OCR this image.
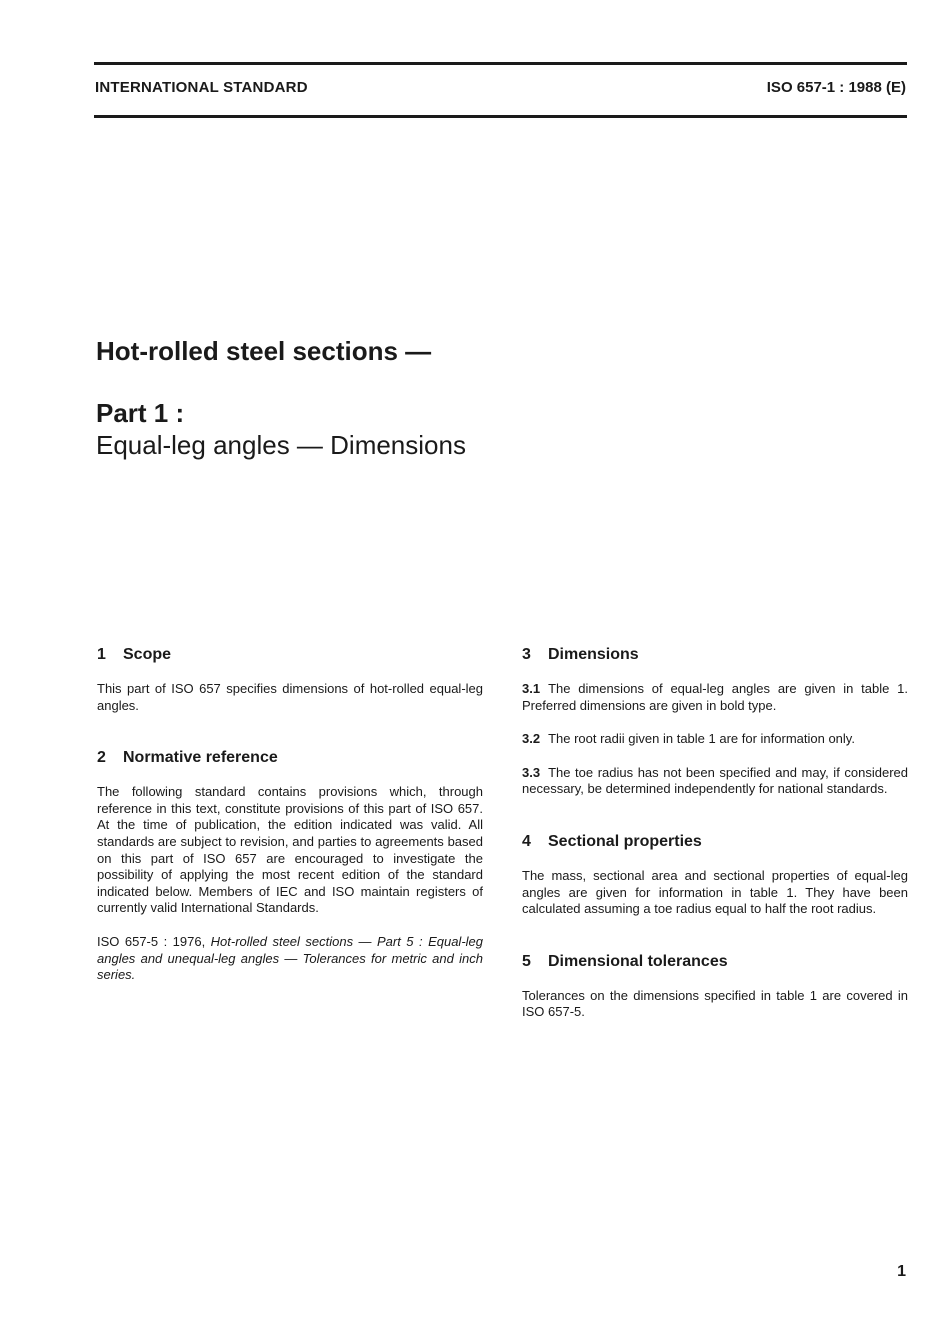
INTERNATIONAL STANDARD	ISO 657-1 : 1988 (E)
Hot-rolled steel sections —
Part 1 :
Equal-leg angles — Dimensions
1 Scope

This part of ISO 657 specifies dimensions of hot-rolled equal-leg angles.

2 Normative reference

The following standard contains provisions which, through reference in this text, constitute provisions of this part of ISO 657. At the time of publication, the edition indicated was valid. All standards are subject to revision, and parties to agreements based on this part of ISO 657 are encouraged to investigate the possibility of applying the most recent edition of the standard indicated below. Members of IEC and ISO maintain registers of currently valid International Standards.

ISO 657-5 : 1976, Hot-rolled steel sections — Part 5 : Equal-leg angles and unequal-leg angles — Tolerances for metric and inch series.

3 Dimensions

3.1 The dimensions of equal-leg angles are given in table 1. Preferred dimensions are given in bold type.

3.2 The root radii given in table 1 are for information only.

3.3 The toe radius has not been specified and may, if considered necessary, be determined independently for national standards.

4 Sectional properties

The mass, sectional area and sectional properties of equal-leg angles are given for information in table 1. They have been calculated assuming a toe radius equal to half the root radius.

5 Dimensional tolerances

Tolerances on the dimensions specified in table 1 are covered in ISO 657-5.

1
